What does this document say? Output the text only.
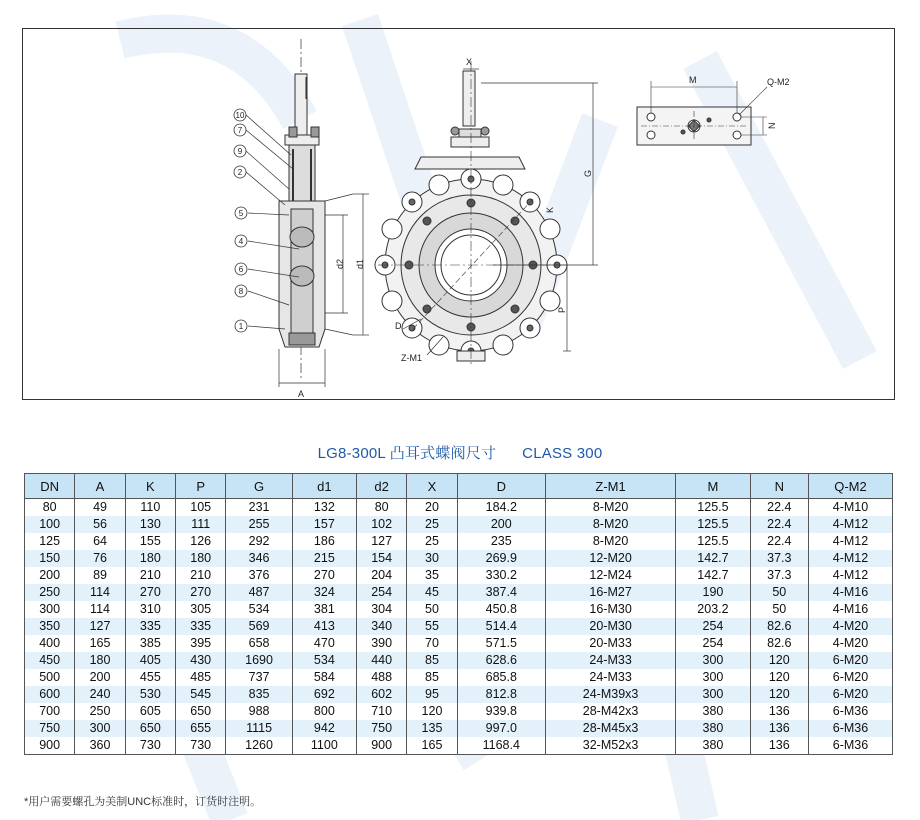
10
7
9
2
5
4
6
8
1
A
d2 d1
X
G
K
P
D
Z-M1
M
N
Q-M2
LG8-300L 凸耳式蝶阀尺寸 CLASS 300
DN	A	K	P	G	d1	d2	X	D	Z-M1	M	N	Q-M2
80	49	110	105	231	132	80	20	184.2	8-M20	125.5	22.4	4-M10
100	56	130	111	255	157	102	25	200	8-M20	125.5	22.4	4-M12
125	64	155	126	292	186	127	25	235	8-M20	125.5	22.4	4-M12
150	76	180	180	346	215	154	30	269.9	12-M20	142.7	37.3	4-M12
200	89	210	210	376	270	204	35	330.2	12-M24	142.7	37.3	4-M12
250	114	270	270	487	324	254	45	387.4	16-M27	190	50	4-M16
300	114	310	305	534	381	304	50	450.8	16-M30	203.2	50	4-M16
350	127	335	335	569	413	340	55	514.4	20-M30	254	82.6	4-M20
400	165	385	395	658	470	390	70	571.5	20-M33	254	82.6	4-M20
450	180	405	430	1690	534	440	85	628.6	24-M33	300	120	6-M20
500	200	455	485	737	584	488	85	685.8	24-M33	300	120	6-M20
600	240	530	545	835	692	602	95	812.8	24-M39x3	300	120	6-M20
700	250	605	650	988	800	710	120	939.8	28-M42x3	380	136	6-M36
750	300	650	655	1115	942	750	135	997.0	28-M45x3	380	136	6-M36
900	360	730	730	1260	1100	900	165	1168.4	32-M52x3	380	136	6-M36
*用户需要螺孔为美制UNC标准时，订货时注明。
